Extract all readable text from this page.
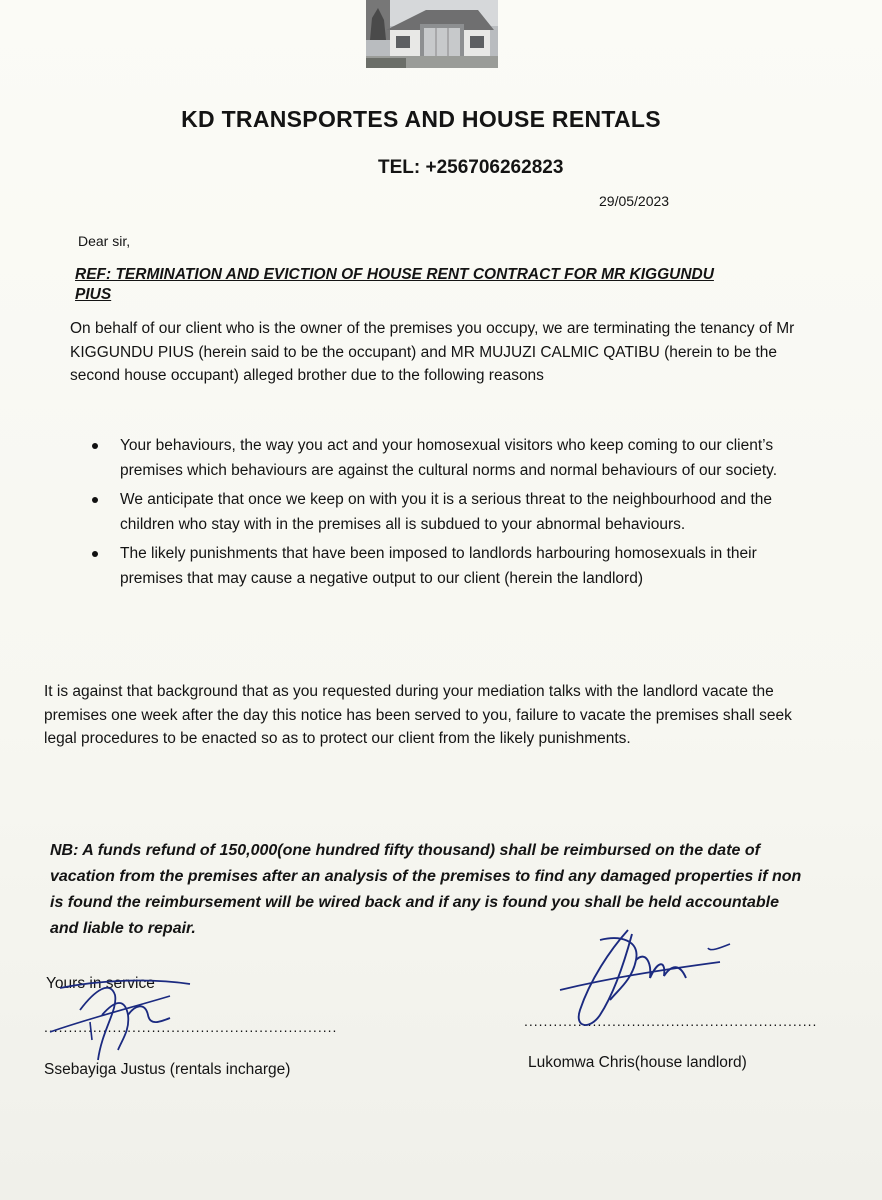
KD TRANSPORTES AND HOUSE RENTALS
TEL: +256706262823
29/05/2023
Dear sir,
REF: TERMINATION AND EVICTION OF HOUSE RENT CONTRACT FOR MR KIGGUNDU PIUS
On behalf of our client who is the owner of the premises you occupy, we are terminating the tenancy of Mr KIGGUNDU PIUS (herein said to be the occupant) and MR MUJUZI CALMIC QATIBU (herein to be the second house occupant) alleged brother due to the following reasons
Your behaviours, the way you act and your homosexual visitors who keep coming to our client’s premises which behaviours are against the cultural norms and normal behaviours of our society.
We anticipate that once we keep on with you it is a serious threat to the neighbourhood and the children who stay with in the premises all is subdued to your abnormal behaviours.
The likely punishments that have been imposed to landlords harbouring homosexuals in their premises that may cause a negative output to our client (herein the landlord)
It is against that background that as you requested during your mediation talks with the landlord vacate the premises one week after the day this notice has been served to you, failure to vacate the premises shall seek legal procedures to be enacted so as to protect our client from the likely punishments.
NB: A funds refund of 150,000(one hundred fifty thousand) shall be reimbursed on the date of vacation from the premises after an analysis of the premises to find any damaged properties if non is found the reimbursement will be wired back and if any is found you shall be held accountable and liable to repair.
Yours in service
............................................................	............................................................
Ssebayiga Justus (rentals incharge)	Lukomwa Chris(house landlord)
